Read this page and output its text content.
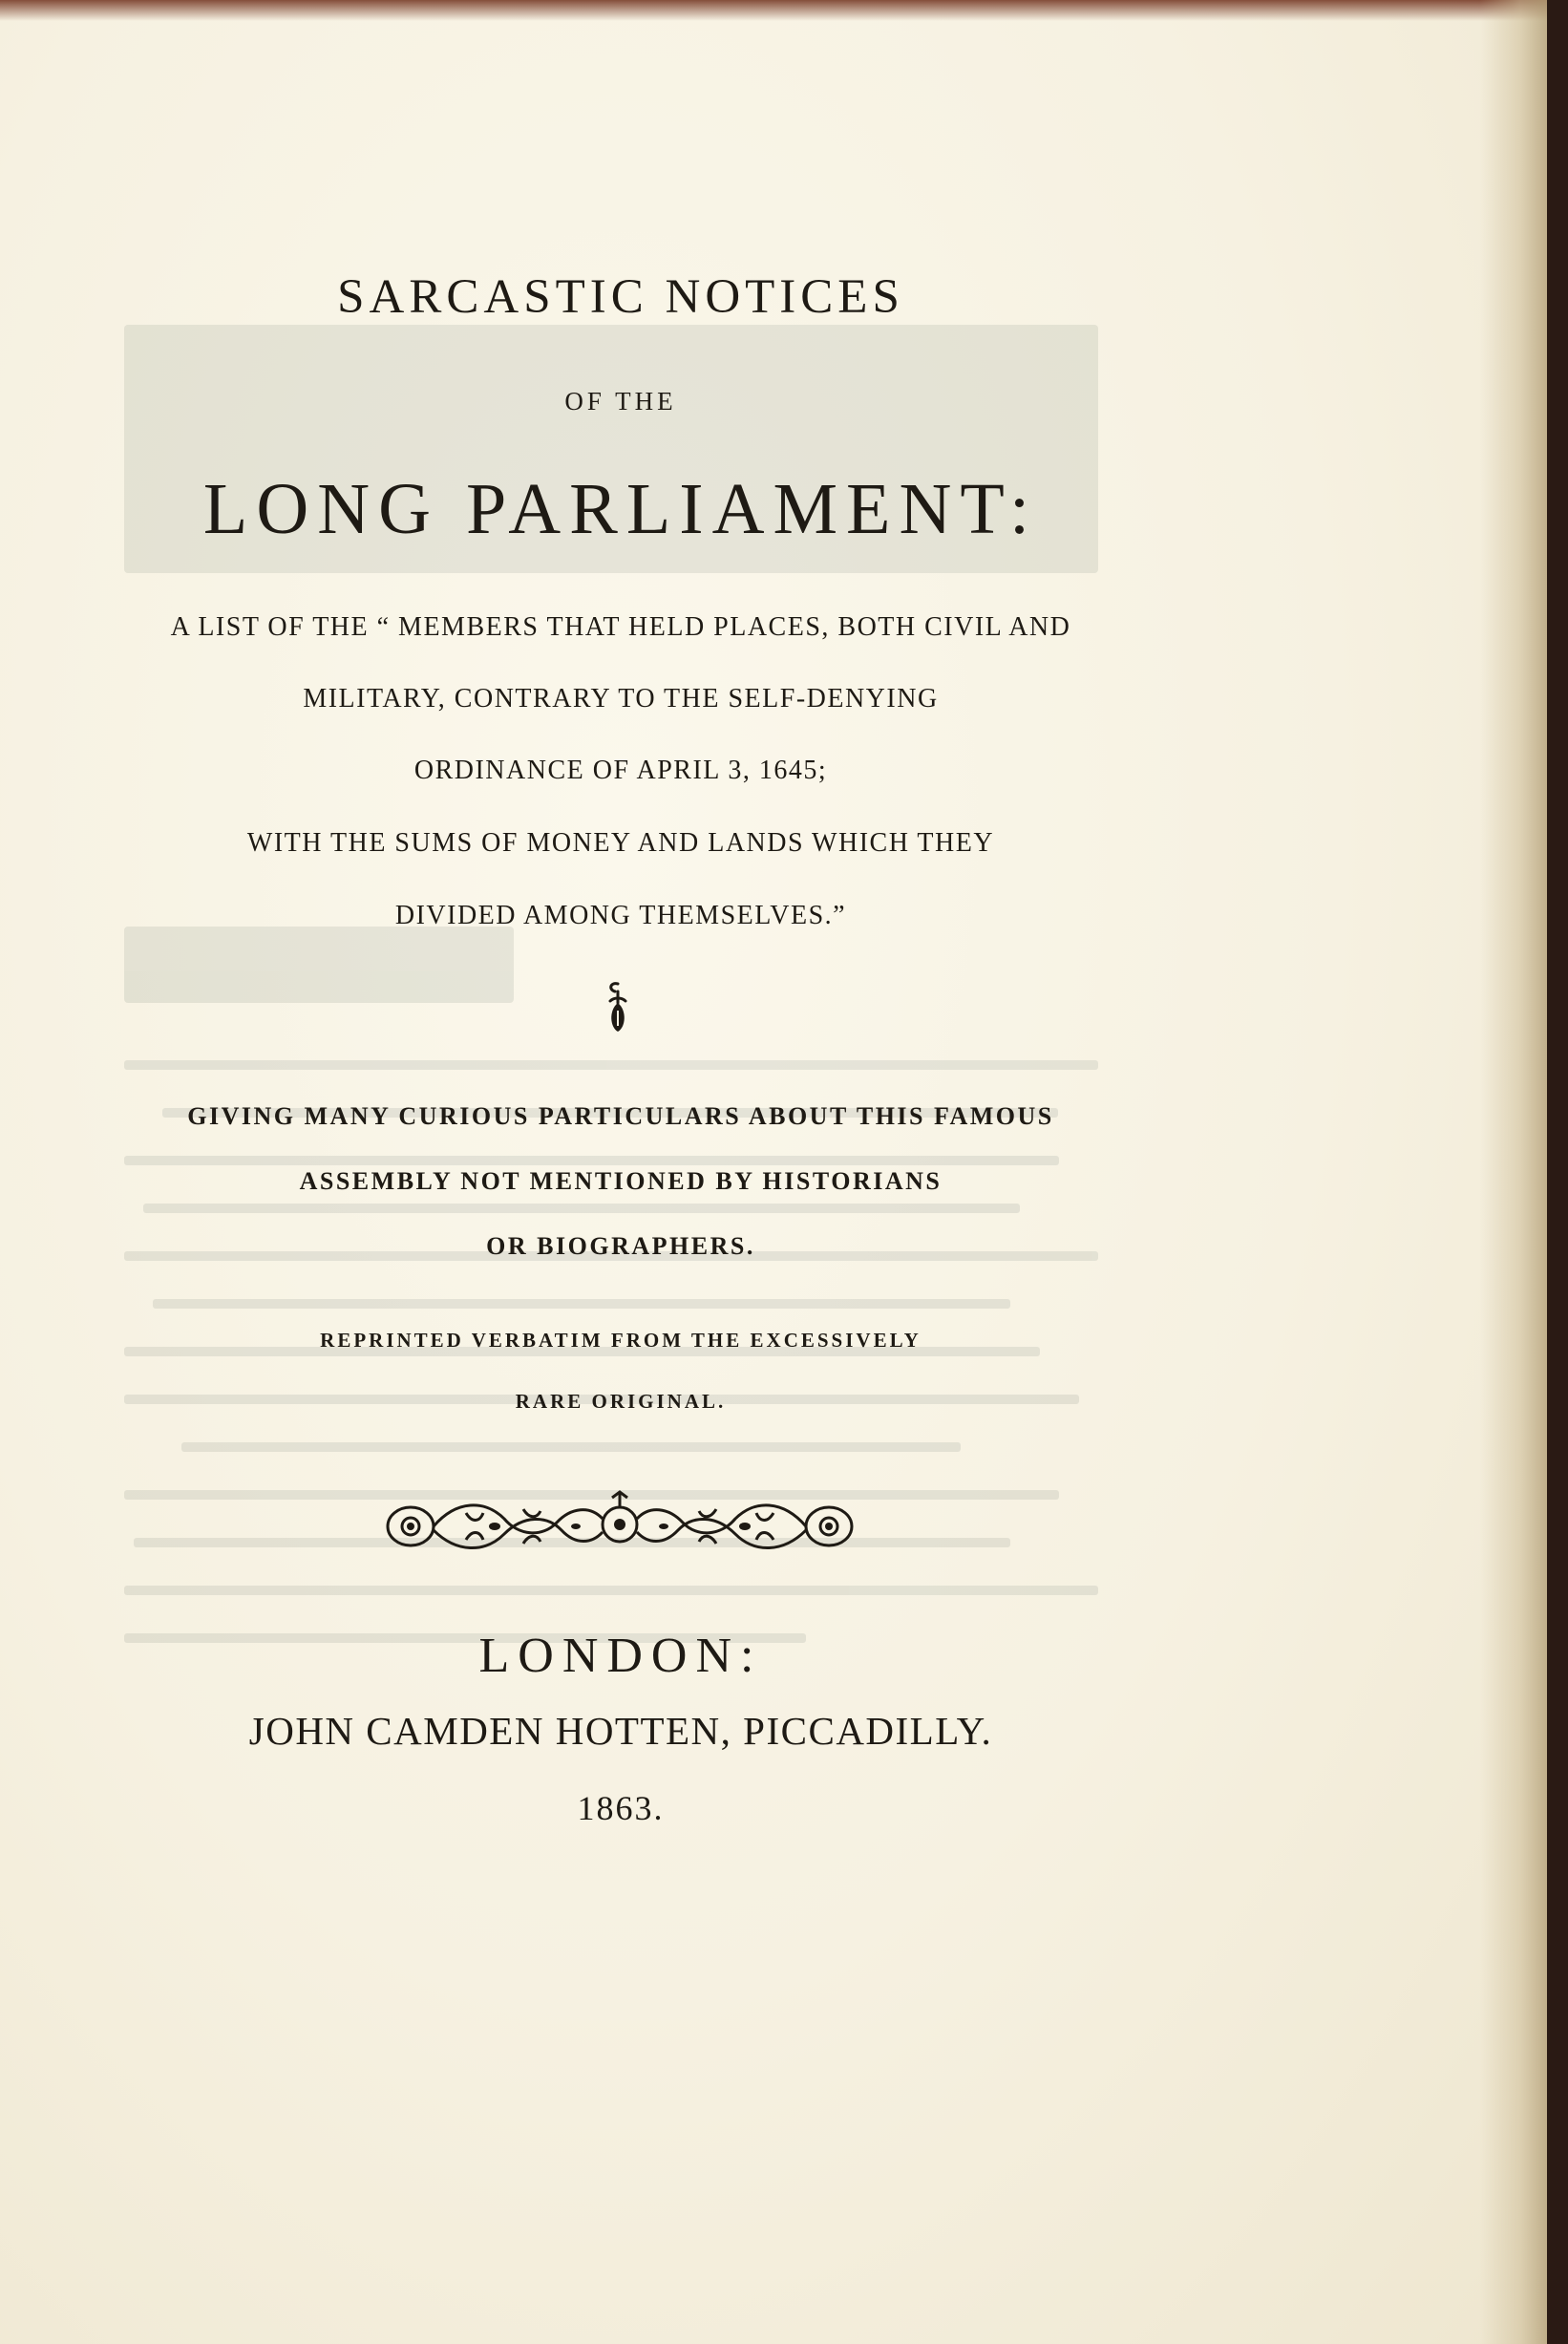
SARCASTIC NOTICES
OF THE
LONG PARLIAMENT:
A LIST OF THE “ MEMBERS THAT HELD PLACES, BOTH CIVIL AND
MILITARY, CONTRARY TO THE SELF-DENYING
ORDINANCE OF APRIL 3, 1645;
WITH THE SUMS OF MONEY AND LANDS WHICH THEY
DIVIDED AMONG THEMSELVES.”
GIVING MANY CURIOUS PARTICULARS ABOUT THIS FAMOUS
ASSEMBLY NOT MENTIONED BY HISTORIANS
OR BIOGRAPHERS.
REPRINTED VERBATIM FROM THE EXCESSIVELY
RARE ORIGINAL.
LONDON:
JOHN CAMDEN HOTTEN, PICCADILLY.
1863.
